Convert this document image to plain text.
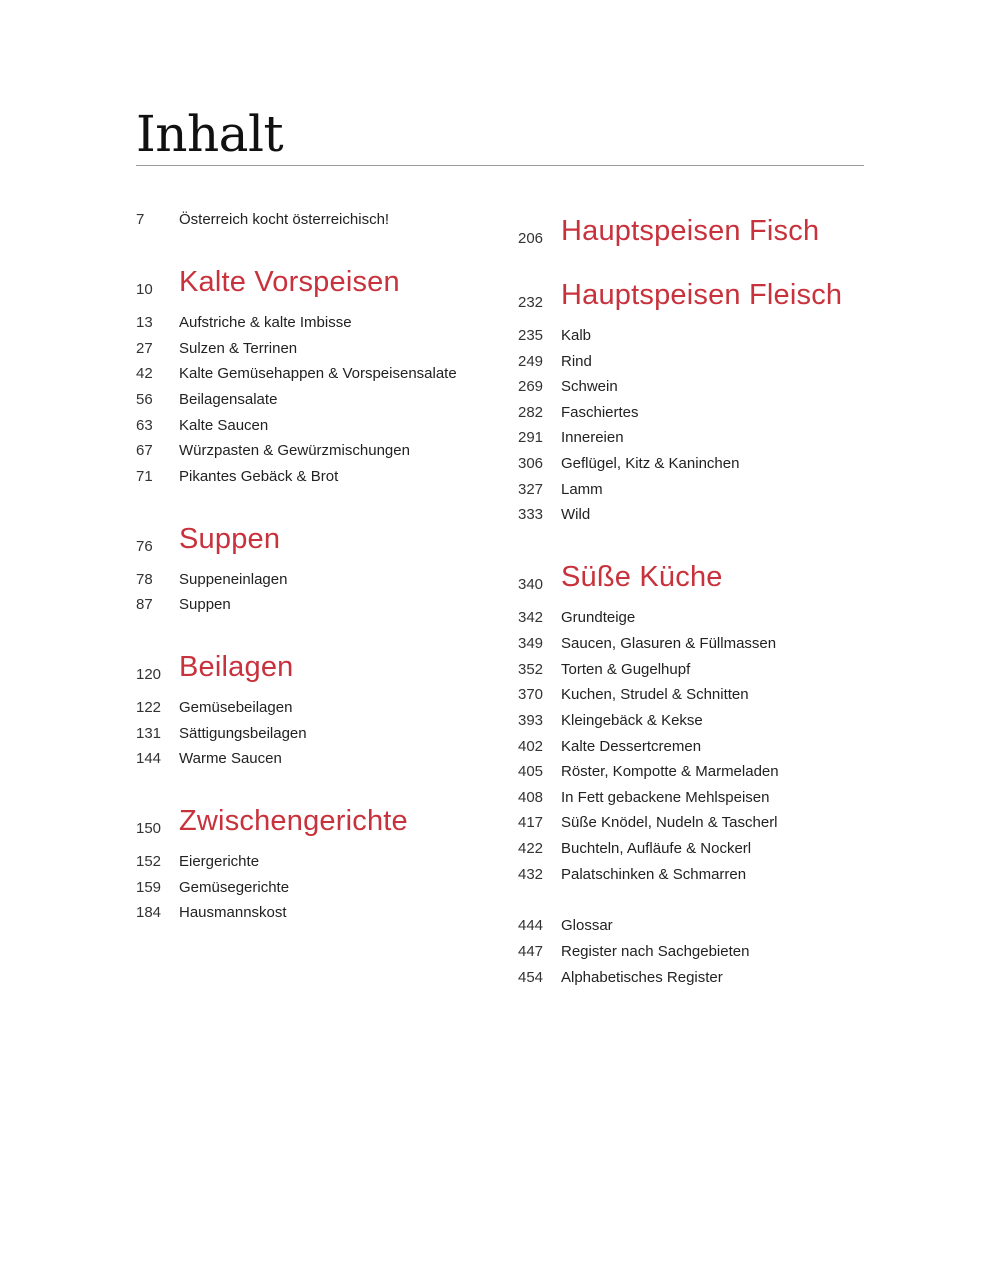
Inhalt
7	Österreich kocht österreichisch!
10 Kalte Vorspeisen
13	Aufstriche & kalte Imbisse
27	Sulzen & Terrinen
42	Kalte Gemüsehappen & Vorspeisensalate
56	Beilagensalate
63	Kalte Saucen
67	Würzpasten & Gewürzmischungen
71	Pikantes Gebäck & Brot
76 Suppen
78	Suppeneinlagen
87	Suppen
120 Beilagen
122	Gemüsebeilagen
131	Sättigungsbeilagen
144	Warme Saucen
150 Zwischengerichte
152	Eiergerichte
159	Gemüsegerichte
184	Hausmannskost
206 Hauptspeisen Fisch
232 Hauptspeisen Fleisch
235	Kalb
249	Rind
269	Schwein
282	Faschiertes
291	Innereien
306	Geflügel, Kitz & Kaninchen
327	Lamm
333	Wild
340 Süße Küche
342	Grundteige
349	Saucen, Glasuren & Füllmassen
352	Torten & Gugelhupf
370	Kuchen, Strudel & Schnitten
393	Kleingebäck & Kekse
402	Kalte Dessertcremen
405	Röster, Kompotte & Marmeladen
408	In Fett gebackene Mehlspeisen
417	Süße Knödel, Nudeln & Tascherl
422	Buchteln, Aufläufe & Nockerl
432	Palatschinken & Schmarren
444	Glossar
447	Register nach Sachgebieten
454	Alphabetisches Register
